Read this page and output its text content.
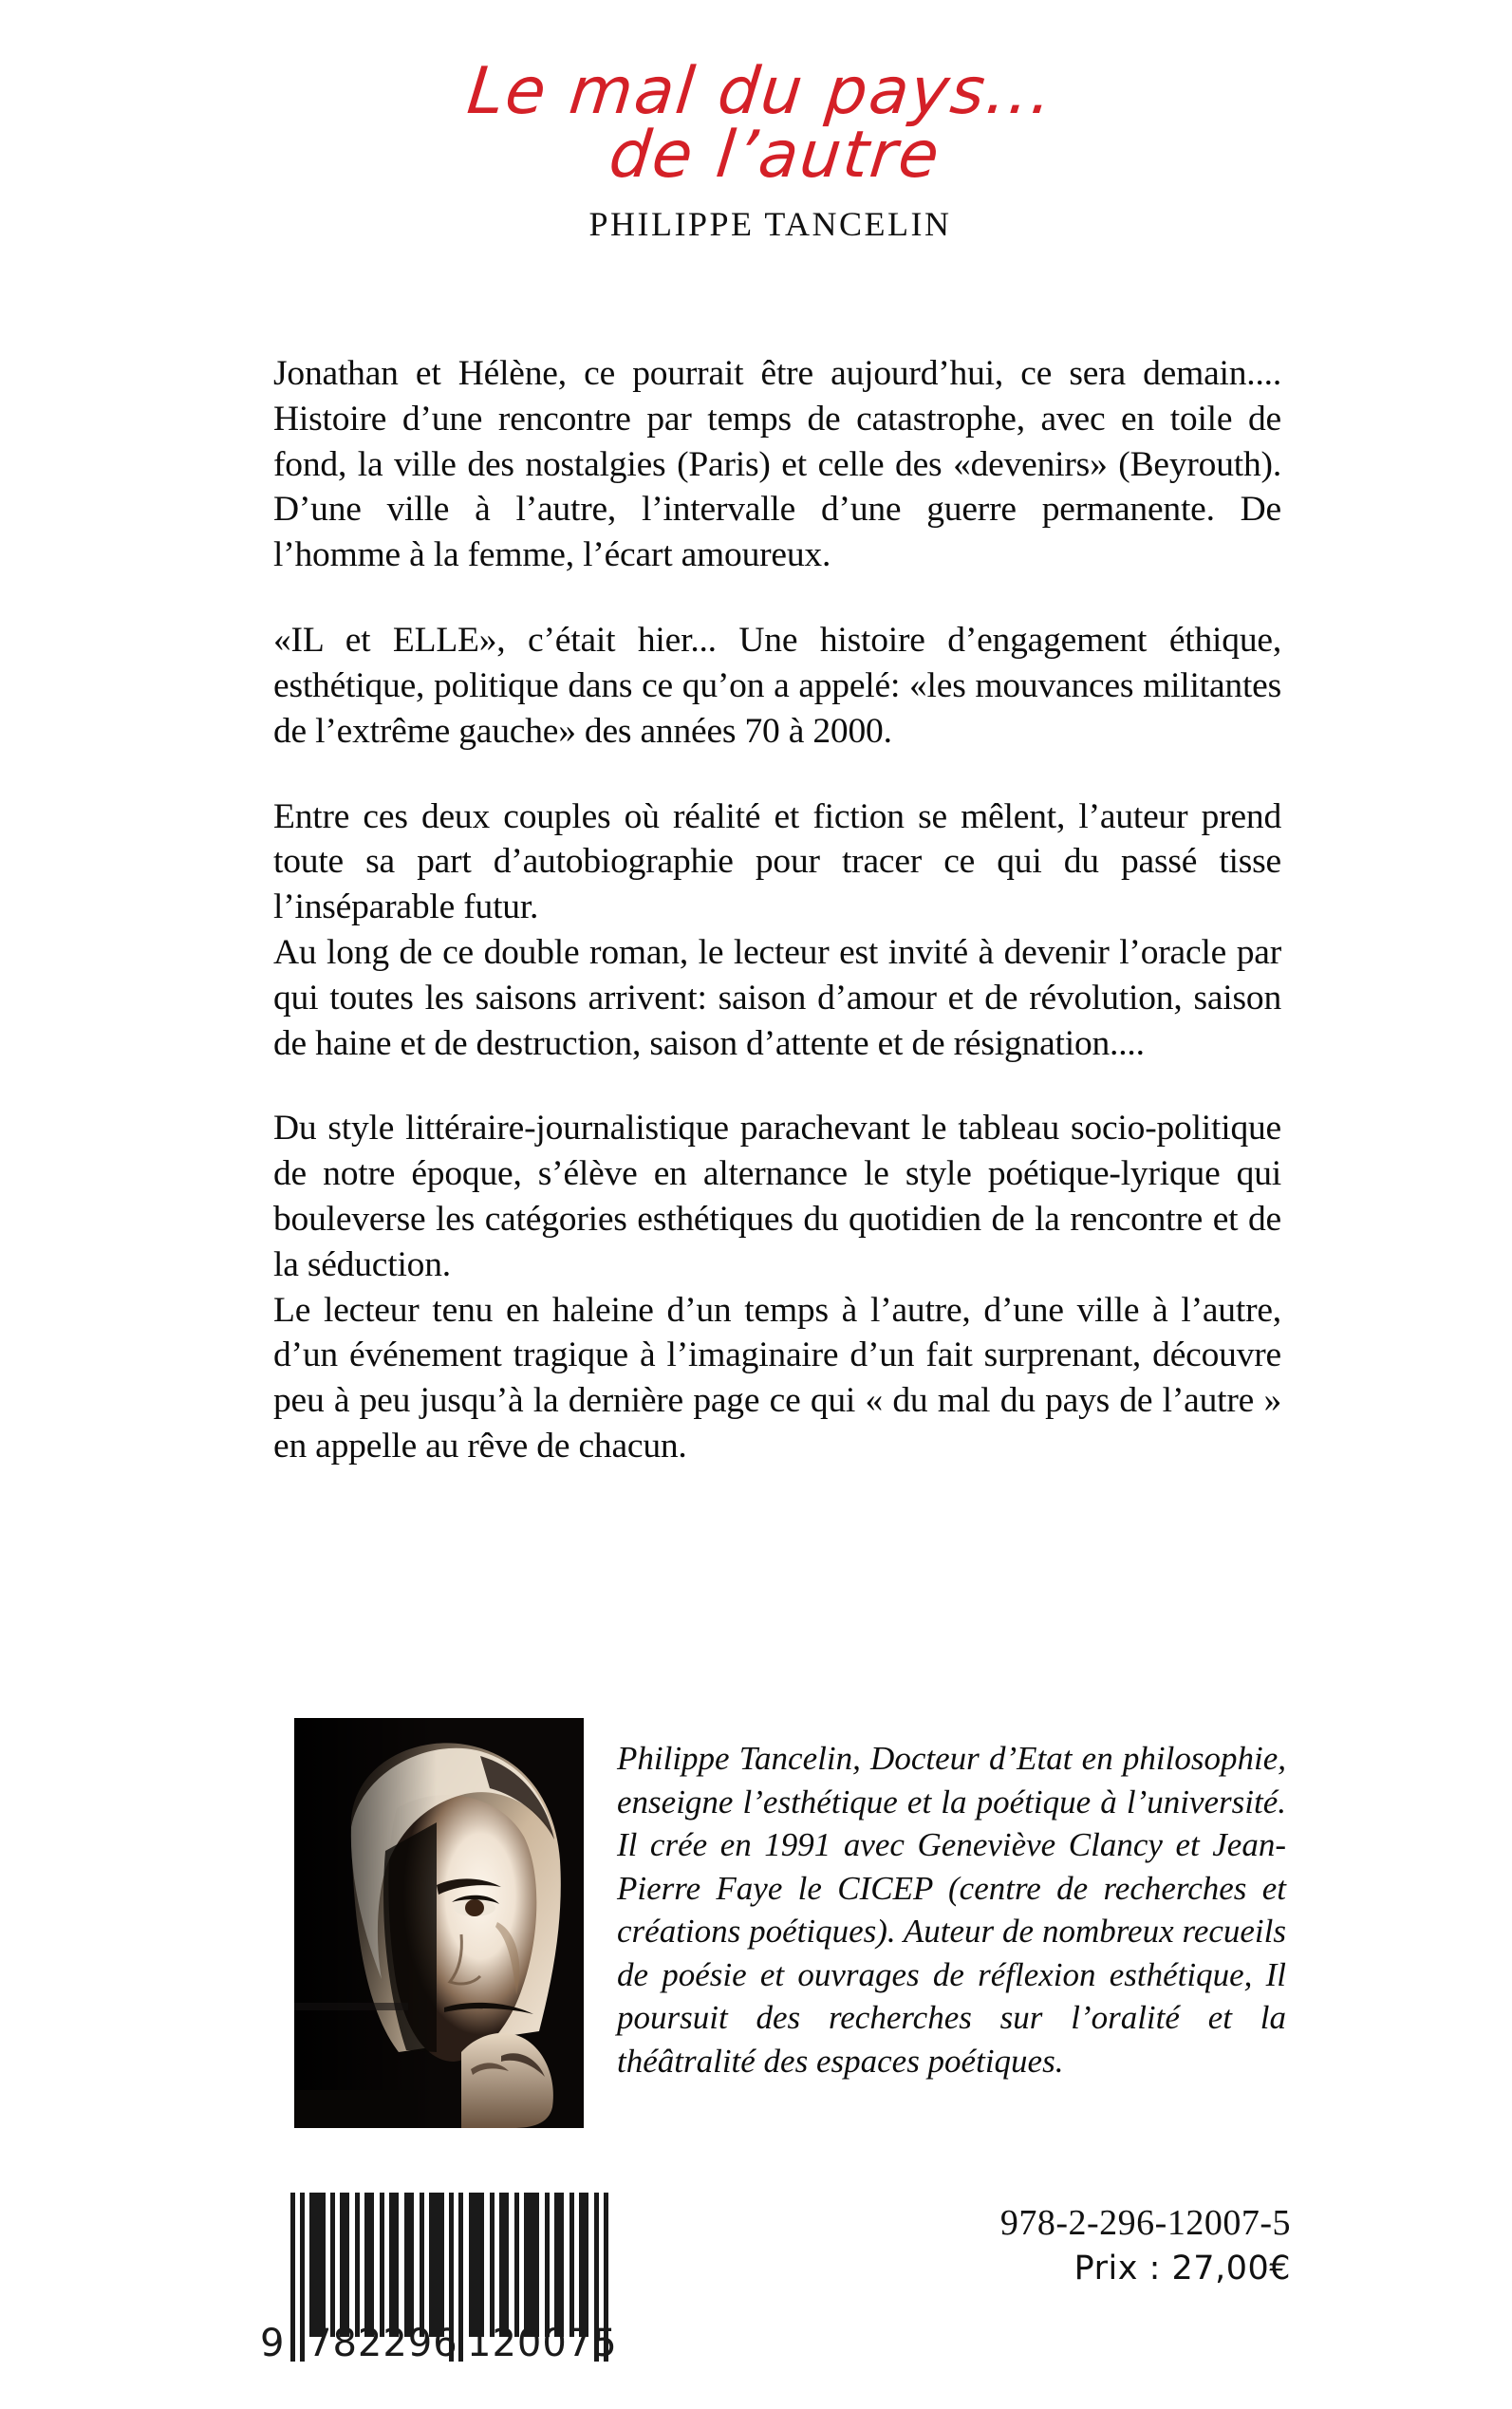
Le mal du pays...
de l’autre
PHILIPPE TANCELIN

Jonathan et Hélène, ce pourrait être aujourd’hui, ce sera demain.... Histoire d’une rencontre par temps de catastrophe, avec en toile de fond, la ville des nostalgies (Paris) et celle des «devenirs» (Beyrouth). D’une ville à l’autre, l’intervalle d’une guerre permanente. De l’homme à la femme, l’écart amoureux.

«IL et ELLE», c’était hier... Une histoire d’engagement éthique, esthétique, politique dans ce qu’on a appelé: «les mouvances militantes de l’extrême gauche» des années 70 à 2000.

Entre ces deux couples où réalité et fiction se mêlent, l’auteur prend toute sa part d’autobiographie pour tracer ce qui du passé tisse l’inséparable futur.

Au long de ce double roman, le lecteur est invité à devenir l’oracle par qui toutes les saisons arrivent: saison d’amour et de révolution, saison de haine et de destruction, saison d’attente et de résignation....

Du style littéraire-journalistique parachevant le tableau socio-politique de notre époque, s’élève en alternance le style poétique-lyrique qui bouleverse les catégories esthétiques du quotidien de la rencontre et de la séduction.

Le lecteur tenu en haleine d’un temps à l’autre, d’une ville à l’autre, d’un événement tragique à l’imaginaire d’un fait surprenant, découvre peu à peu jusqu’à la dernière page ce qui « du mal du pays de l’autre » en appelle au rêve de chacun.

Philippe Tancelin, Docteur d’Etat en philosophie, enseigne l’esthétique et la poétique à l’université. Il crée en 1991 avec Geneviève Clancy et Jean-Pierre Faye le CICEP (centre de recherches et créations poétiques). Auteur de nombreux recueils de poésie et ouvrages de réflexion esthétique, Il poursuit des recherches sur l’oralité et la théâtralité des espaces poétiques.

9 782296 120075
978-2-296-12007-5
Prix : 27,00€
